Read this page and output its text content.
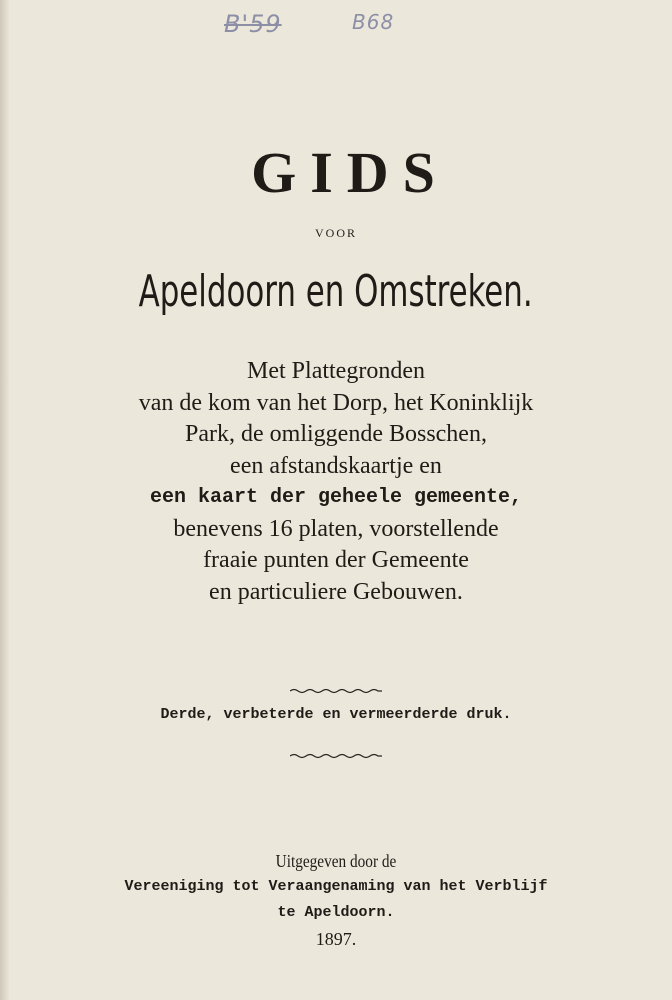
B'59	B68
GIDS
VOOR
Apeldoorn en Omstreken.
Met Plattegronden
van de kom van het Dorp, het Koninklijk
Park, de omliggende Bosschen,
een afstandskaartje en
een kaart der geheele gemeente,
benevens 16 platen, voorstellende
fraaie punten der Gemeente
en particuliere Gebouwen.
Derde, verbeterde en vermeerderde druk.
Uitgegeven door de
Vereeniging tot Veraangenaming van het Verblijf
te Apeldoorn.
1897.
